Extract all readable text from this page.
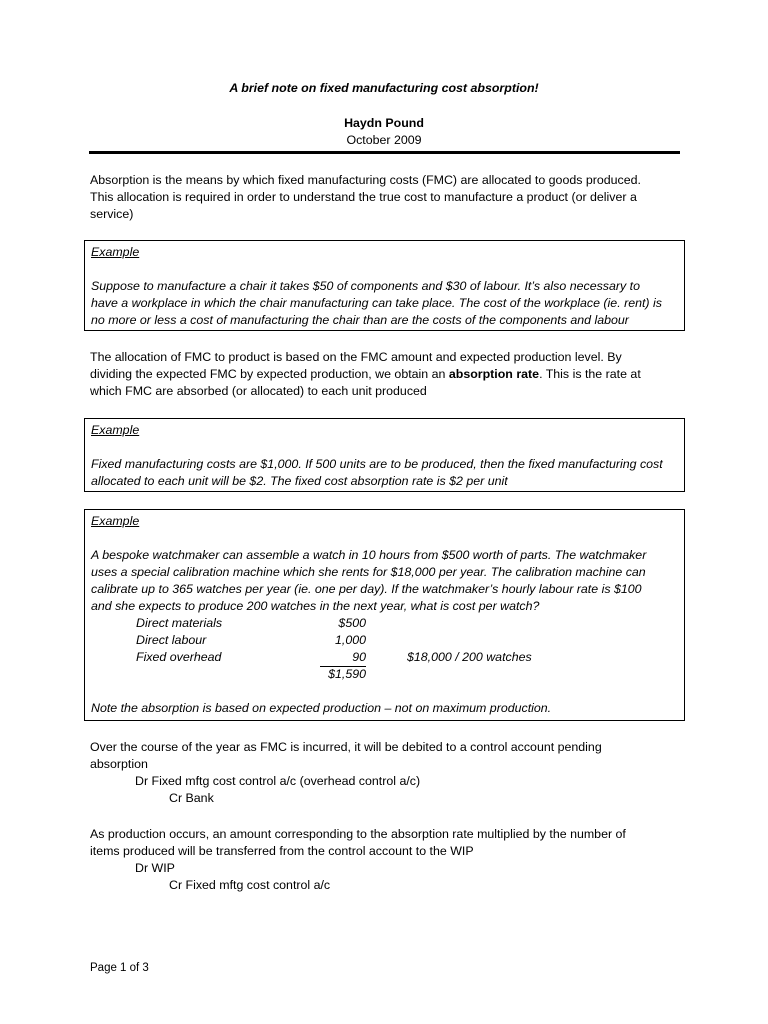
A brief note on fixed manufacturing cost absorption!
Haydn Pound
October 2009

Absorption is the means by which fixed manufacturing costs (FMC) are allocated to goods produced.

This allocation is required in order to understand the true cost to manufacture a product (or deliver a

service)

Example

Suppose to manufacture a chair it takes $50 of components and $30 of labour. It’s also necessary to

have a workplace in which the chair manufacturing can take place. The cost of the workplace (ie. rent) is

no more or less a cost of manufacturing the chair than are the costs of the components and labour

The allocation of FMC to product is based on the FMC amount and expected production level. By

dividing the expected FMC by expected production, we obtain an absorption rate. This is the rate at

which FMC are absorbed (or allocated) to each unit produced

Example

Fixed manufacturing costs are $1,000. If 500 units are to be produced, then the fixed manufacturing cost

allocated to each unit will be $2. The fixed cost absorption rate is $2 per unit

Example

A bespoke watchmaker can assemble a watch in 10 hours from $500 worth of parts. The watchmaker

uses a special calibration machine which she rents for $18,000 per year. The calibration machine can

calibrate up to 365 watches per year (ie. one per day). If the watchmaker’s hourly labour rate is $100

and she expects to produce 200 watches in the next year, what is cost per watch?

Direct materials	$500
Direct labour	1,000
Fixed overhead	90	$18,000 / 200 watches
$1,590

Note the absorption is based on expected production – not on maximum production.

Over the course of the year as FMC is incurred, it will be debited to a control account pending

absorption

Dr Fixed mftg cost control a/c (overhead control a/c)

Cr Bank

As production occurs, an amount corresponding to the absorption rate multiplied by the number of

items produced will be transferred from the control account to the WIP

Dr WIP

Cr Fixed mftg cost control a/c

Page 1 of 3
